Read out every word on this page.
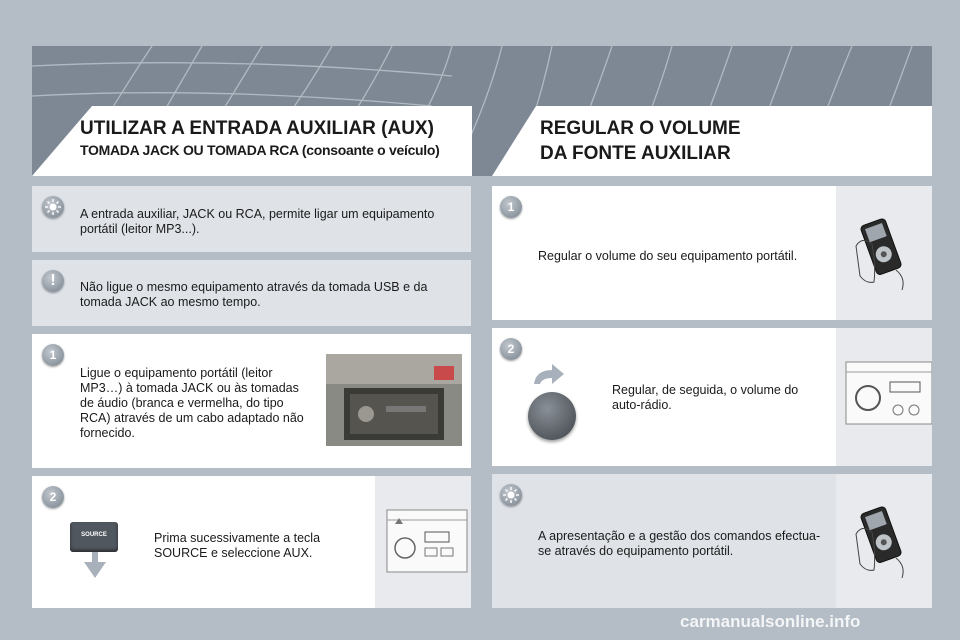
UTILIZAR A ENTRADA AUXILIAR (AUX)
TOMADA JACK OU TOMADA RCA (consoante o veículo)
REGULAR O VOLUME
DA FONTE AUXILIAR
A entrada auxiliar, JACK ou RCA, permite ligar um equipamento portátil (leitor MP3...).
!	Não ligue o mesmo equipamento através da tomada USB e da tomada JACK ao mesmo tempo.
1
Ligue o equipamento portátil (leitor MP3…) à tomada JACK ou às tomadas de áudio (branca e vermelha, do tipo RCA) através de um cabo adaptado não fornecido.
2
SOURCE	Prima sucessivamente a tecla SOURCE e seleccione AUX.
1
Regular o volume do seu equipamento portátil.
2
Regular, de seguida, o volume do auto-rádio.
A apresentação e a gestão dos comandos efectua-se através do equipamento portátil.
carmanualsonline.info
